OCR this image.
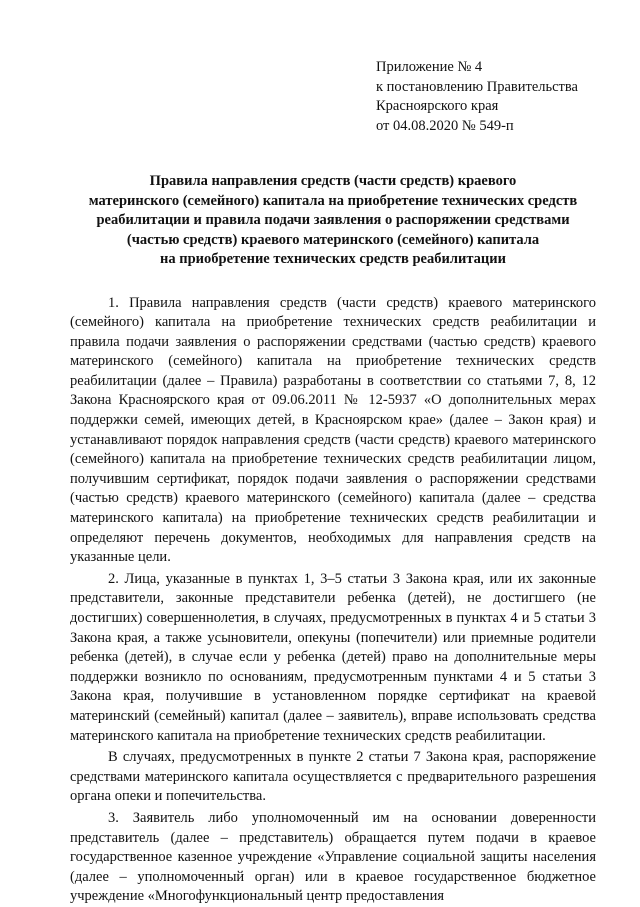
Приложение № 4
к постановлению Правительства
Красноярского края
от 04.08.2020 № 549-п
Правила направления средств (части средств) краевого
материнского (семейного) капитала на приобретение технических средств
реабилитации и правила подачи заявления о распоряжении средствами
(частью средств) краевого материнского (семейного) капитала
на приобретение технических средств реабилитации

1. Правила направления средств (части средств) краевого материнского (семейного) капитала на приобретение технических средств реабилитации и правила подачи заявления о распоряжении средствами (частью средств) краевого материнского (семейного) капитала на приобретение технических средств реабилитации (далее – Правила) разработаны в соответствии со статьями 7, 8, 12 Закона Красноярского края от 09.06.2011 № 12-5937 «О дополнительных мерах поддержки семей, имеющих детей, в Красноярском крае» (далее – Закон края) и устанавливают порядок направления средств (части средств) краевого материнского (семейного) капитала на приобретение технических средств реабилитации лицом, получившим сертификат, порядок подачи заявления о распоряжении средствами (частью средств) краевого материнского (семейного) капитала (далее – средства материнского капитала) на приобретение технических средств реабилитации и определяют перечень документов, необходимых для направления средств на указанные цели.

2. Лица, указанные в пунктах 1, 3–5 статьи 3 Закона края, или их законные представители, законные представители ребенка (детей), не достигшего (не достигших) совершеннолетия, в случаях, предусмотренных в пунктах 4 и 5 статьи 3 Закона края, а также усыновители, опекуны (попечители) или приемные родители ребенка (детей), в случае если у ребенка (детей) право на дополнительные меры поддержки возникло по основаниям, предусмотренным пунктами 4 и 5 статьи 3 Закона края, получившие в установленном порядке сертификат на краевой материнский (семейный) капитал (далее – заявитель), вправе использовать средства материнского капитала на приобретение технических средств реабилитации.

В случаях, предусмотренных в пункте 2 статьи 7 Закона края, распоряжение средствами материнского капитала осуществляется с предварительного разрешения органа опеки и попечительства.

3. Заявитель либо уполномоченный им на основании доверенности представитель (далее – представитель) обращается путем подачи в краевое государственное казенное учреждение «Управление социальной защиты населения (далее – уполномоченный орган) или в краевое государственное бюджетное учреждение «Многофункциональный центр предоставления
